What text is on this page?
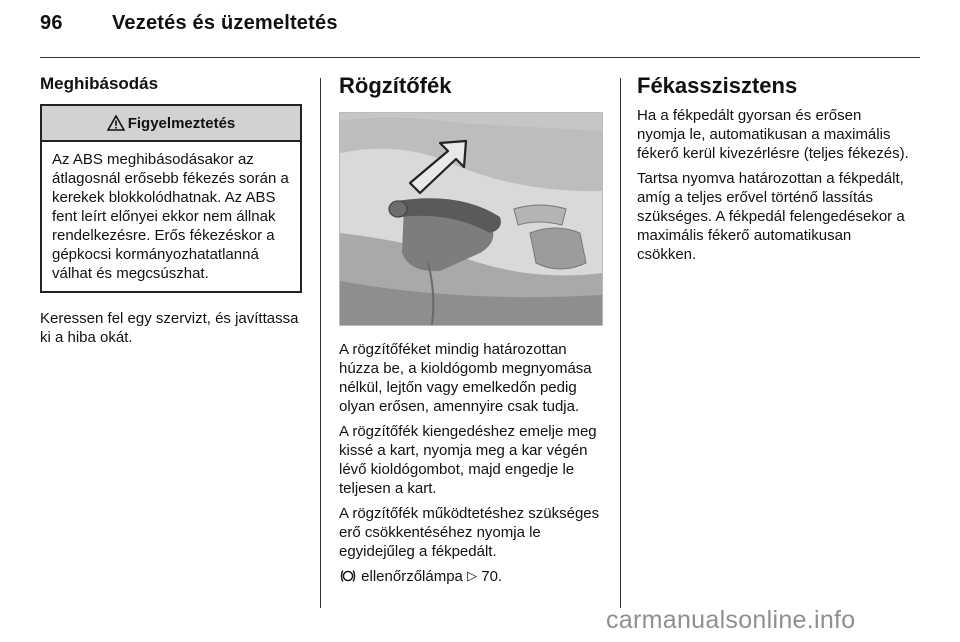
96 Vezetés és üzemeltetés
Meghibásodás
Figyelmeztetés
Az ABS meghibásodásakor az átlagosnál erősebb fékezés során a kerekek blokkolódhatnak. Az ABS fent leírt előnyei ekkor nem állnak rendelkezésre. Erős fékezéskor a gépkocsi kormányozhatatlanná válhat és megcsúszhat.

Keressen fel egy szervizt, és javíttassa ki a hiba okát.

Rögzítőfék

A rögzítőféket mindig határozottan húzza be, a kioldógomb megnyomása nélkül, lejtőn vagy emelkedőn pedig olyan erősen, amennyire csak tudja.

A rögzítőfék kiengedéshez emelje meg kissé a kart, nyomja meg a kar végén lévő kioldógombot, majd engedje le teljesen a kart.

A rögzítőfék működtetéshez szükséges erő csökkentéséhez nyomja le egyidejűleg a fékpedált.

ellenőrzőlámpa ▷ 70.

Fékasszisztens

Ha a fékpedált gyorsan és erősen nyomja le, automatikusan a maximális fékerő kerül kivezérlésre (teljes fékezés).

Tartsa nyomva határozottan a fékpedált, amíg a teljes erővel történő lassítás szükséges. A fékpedál felengedésekor a maximális fékerő automatikusan csökken.

carmanualsonline.info
